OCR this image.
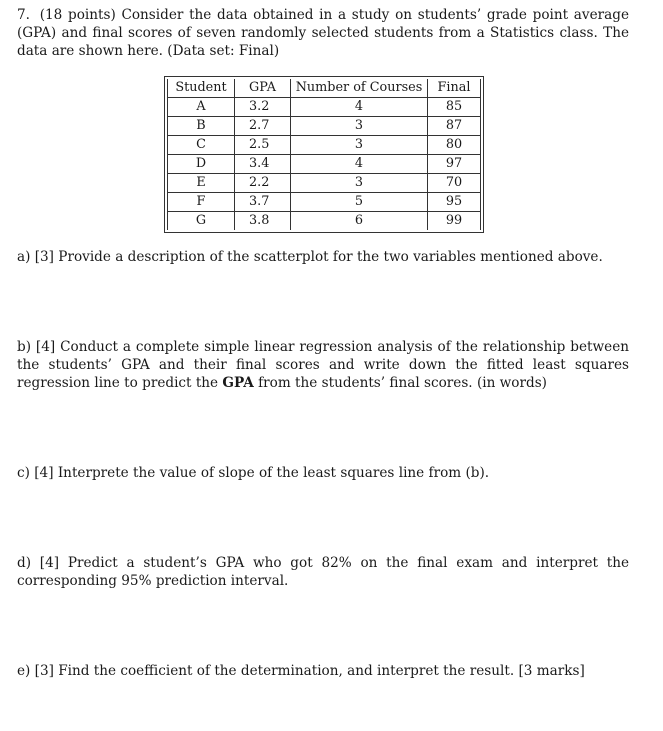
7. (18 points) Consider the data obtained in a study on students’ grade point average (GPA) and final scores of seven randomly selected students from a Statistics class. The data are shown here. (Data set: Final)
Student	GPA	Number of Courses	Final
A	3.2	4	85
B	2.7	3	87
C	2.5	3	80
D	3.4	4	97
E	2.2	3	70
F	3.7	5	95
G	3.8	6	99
a) [3] Provide a description of the scatterplot for the two variables mentioned above.
b) [4] Conduct a complete simple linear regression analysis of the relationship between the students’ GPA and their final scores and write down the fitted least squares regression line to predict the GPA from the students’ final scores. (in words)
c) [4] Interprete the value of slope of the least squares line from (b).
d) [4] Predict a student’s GPA who got 82% on the final exam and interpret the corresponding 95% prediction interval.
e) [3] Find the coefficient of the determination, and interpret the result. [3 marks]
